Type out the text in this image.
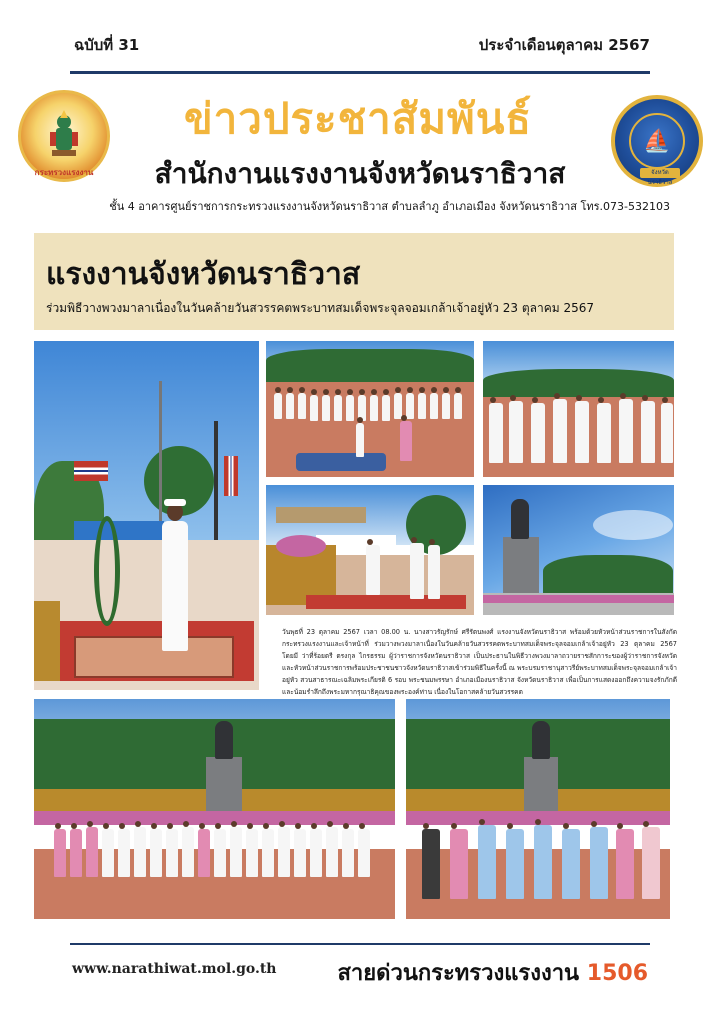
ฉบับที่ 31	ประจำเดือนตุลาคม 2567
กระทรวงแรงงาน
⛵
จังหวัดนราธิวาส
ข่าวประชาสัมพันธ์
สำนักงานแรงงานจังหวัดนราธิวาส
ชั้น 4 อาคารศูนย์ราชการกระทรวงแรงงานจังหวัดนราธิวาส ตำบลลำภู อำเภอเมือง จังหวัดนราธิวาส โทร.073-532103
แรงงานจังหวัดนราธิวาส
ร่วมพิธีวางพวงมาลาเนื่องในวันคล้ายวันสวรรคตพระบาทสมเด็จพระจุลจอมเกล้าเจ้าอยู่หัว 23 ตุลาคม 2567
วันพุธที่ 23 ตุลาคม 2567 เวลา 08.00 น. นางสาวรัญรักษ์ ศรีรัตนพงศ์ แรงงานจังหวัดนราธิวาส พร้อมด้วยหัวหน้าส่วนราชการในสังกัดกระทรวงแรงงานและเจ้าหน้าที่ ร่วมวางพวงมาลาเนื่องในวันคล้ายวันสวรรคตพระบาทสมเด็จพระจุลจอมเกล้าเจ้าอยู่หัว 23 ตุลาคม 2567 โดยมี ว่าที่ร้อยตรี ตรงกุล ไกรธรรม ผู้ว่าราชการจังหวัดนราธิวาส เป็นประธานในพิธีวางพวงมาลาถวายราชสักการะของผู้ว่าราชการจังหวัดและหัวหน้าส่วนราชการพร้อมประชาชนชาวจังหวัดนราธิวาสเข้าร่วมพิธีในครั้งนี้ ณ พระบรมราชานุสาวรีย์พระบาทสมเด็จพระจุลจอมเกล้าเจ้าอยู่หัว สวนสาธารณะเฉลิมพระเกียรติ 6 รอบ พระชนมพรรษา อำเภอเมืองนราธิวาส จังหวัดนราธิวาส เพื่อเป็นการแสดงออกถึงความจงรักภักดีและน้อมรำลึกถึงพระมหากรุณาธิคุณของพระองค์ท่าน เนื่องในโอกาสคล้ายวันสวรรคต
www.narathiwat.mol.go.th	สายด่วนกระทรวงแรงงาน 1506
